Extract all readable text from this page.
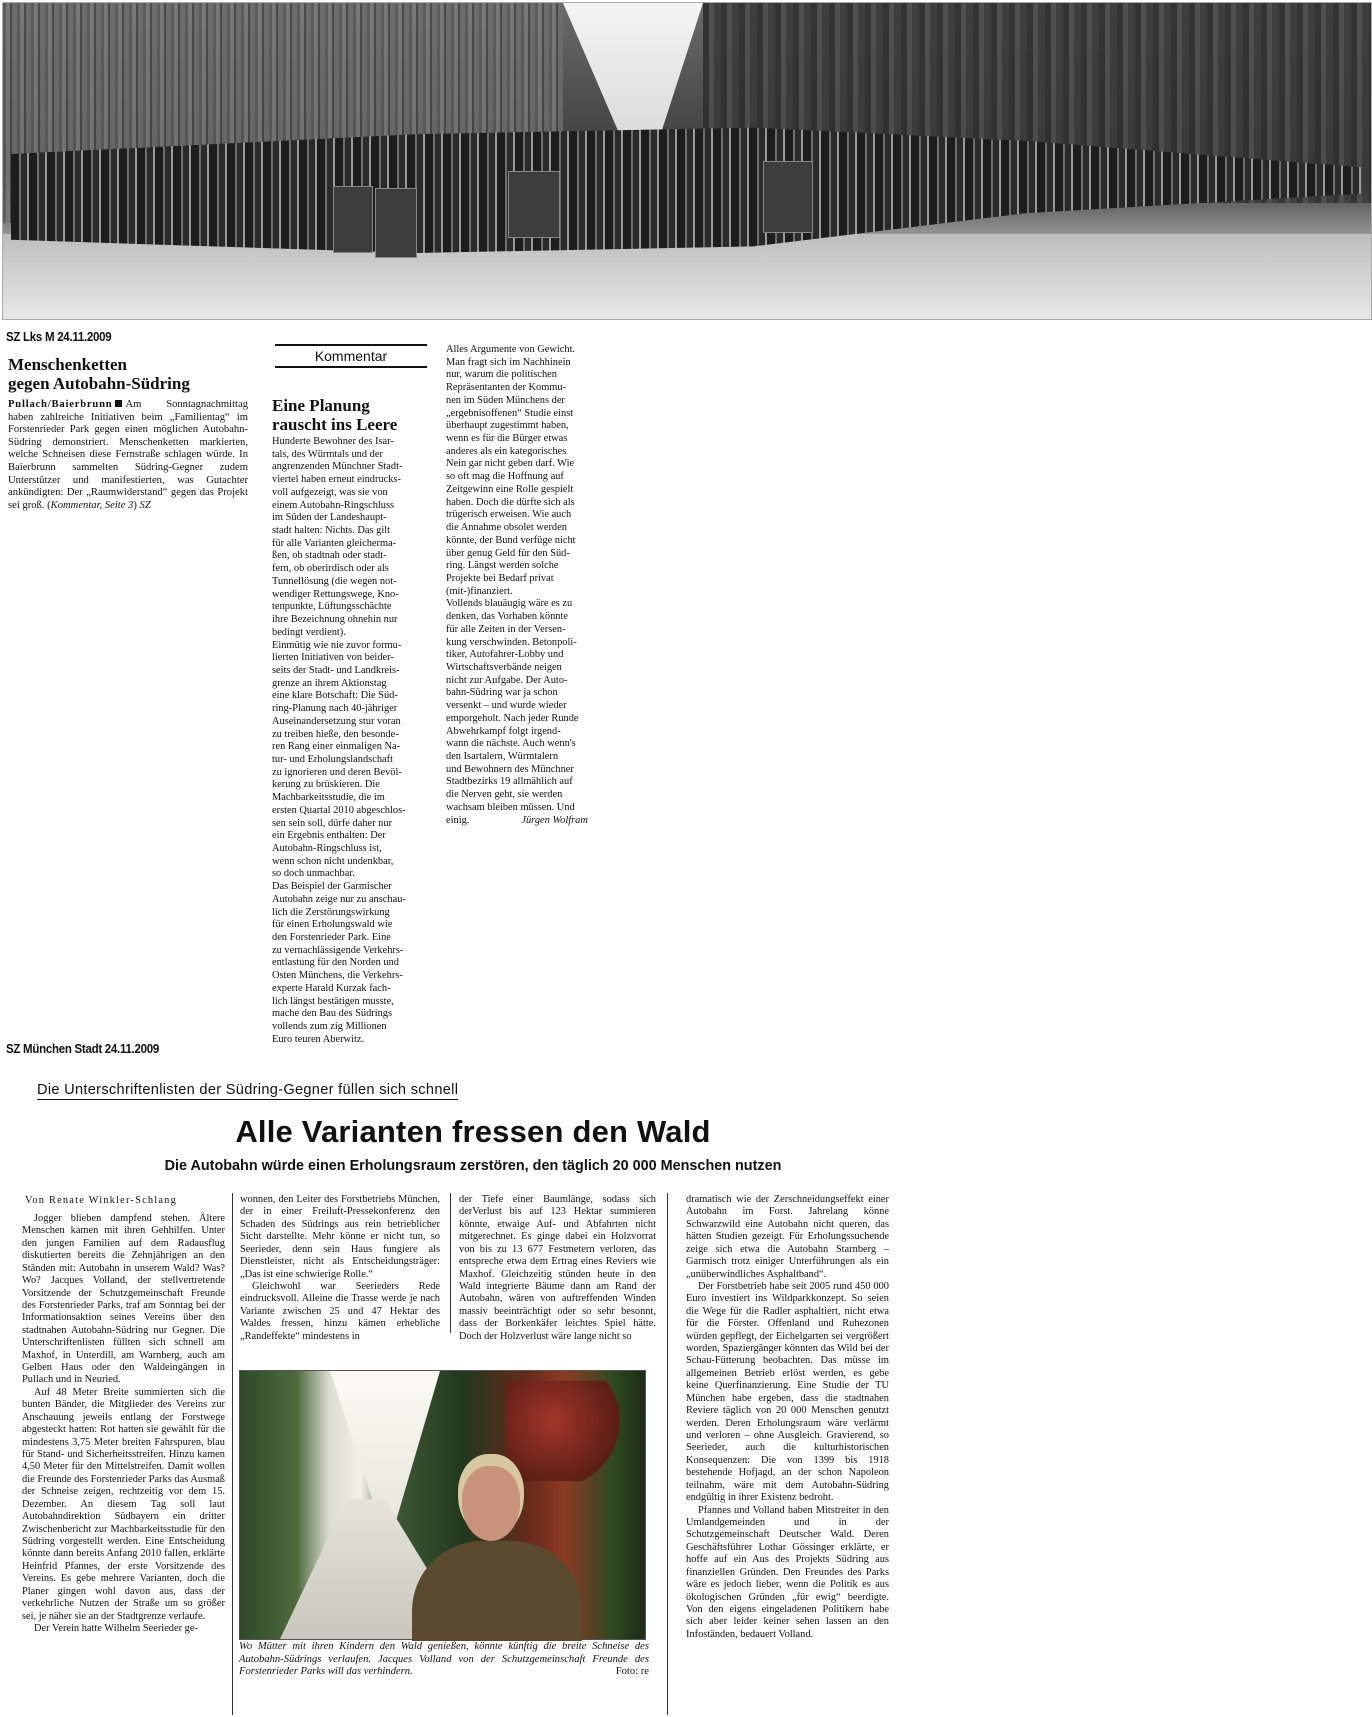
SZ Lks M 24.11.2009
Menschenketten
gegen Autobahn-Südring
Pullach/Baierbrunn Am Sonntagnachmittag haben zahlreiche Initiativen beim „Familientag“ im Forstenrieder Park gegen einen möglichen Autobahn-Südring demonstriert. Menschenketten markierten, welche Schneisen diese Fernstraße schlagen würde. In Baierbrunn sammelten Südring-Gegner zudem Unterstützer und manifestierten, was Gutachter ankündigten: Der „Raumwiderstand“ gegen das Projekt sei groß. (Kommentar, Seite 3) SZ
Kommentar
Eine Planung
rauscht ins Leere
Hunderte Bewohner des Isar-
tals, des Würmtals und der
angrenzenden Münchner Stadt-
viertel haben erneut eindrucks-
voll aufgezeigt, was sie von
einem Autobahn-Ringschluss
im Süden der Landeshaupt-
stadt halten: Nichts. Das gilt
für alle Varianten gleicherma-
ßen, ob stadtnah oder stadt-
fern, ob oberirdisch oder als
Tunnellösung (die wegen not-
wendiger Rettungswege, Kno-
tenpunkte, Lüftungsschächte
ihre Bezeichnung ohnehin nur
bedingt verdient).
Einmütig wie nie zuvor formu-
lierten Initiativen von beider-
seits der Stadt- und Landkreis-
grenze an ihrem Aktionstag
eine klare Botschaft: Die Süd-
ring-Planung nach 40-jähriger
Auseinandersetzung stur voran
zu treiben hieße, den besonde-
ren Rang einer einmaligen Na-
tur- und Erholungslandschaft
zu ignorieren und deren Bevöl-
kerung zu brüskieren. Die
Machbarkeitsstudie, die im
ersten Quartal 2010 abgeschlos-
sen sein soll, dürfe daher nur
ein Ergebnis enthalten: Der
Autobahn-Ringschluss ist,
wenn schon nicht undenkbar,
so doch unmachbar.
Das Beispiel der Garmischer
Autobahn zeige nur zu anschau-
lich die Zerstörungswirkung
für einen Erholungswald wie
den Forstenrieder Park. Eine
zu vernachlässigende Verkehrs-
entlastung für den Norden und
Osten Münchens, die Verkehrs-
experte Harald Kurzak fach-
lich längst bestätigen musste,
mache den Bau des Südrings
vollends zum zig Millionen
Euro teuren Aberwitz.
Alles Argumente von Gewicht.
Man fragt sich im Nachhinein
nur, warum die politischen
Repräsentanten der Kommu-
nen im Süden Münchens der
„ergebnisoffenen“ Studie einst
überhaupt zugestimmt haben,
wenn es für die Bürger etwas
anderes als ein kategorisches
Nein gar nicht geben darf. Wie
so oft mag die Hoffnung auf
Zeitgewinn eine Rolle gespielt
haben. Doch die dürfte sich als
trügerisch erweisen. Wie auch
die Annahme obsolet werden
könnte, der Bund verfüge nicht
über genug Geld für den Süd-
ring. Längst werden solche
Projekte bei Bedarf privat
(mit-)finanziert.
Vollends blauäugig wäre es zu
denken, das Vorhaben könnte
für alle Zeiten in der Versen-
kung verschwinden. Betonpoli-
tiker, Autofahrer-Lobby und
Wirtschaftsverbände neigen
nicht zur Aufgabe. Der Auto-
bahn-Südring war ja schon
versenkt – und wurde wieder
emporgeholt. Nach jeder Runde
Abwehrkampf folgt irgend-
wann die nächste. Auch wenn's
den Isartalern, Würmtalern
und Bewohnern des Münchner
Stadtbezirks 19 allmählich auf
die Nerven geht, sie werden
wachsam bleiben müssen. Und
einig.	Jürgen Wolfram
SZ München Stadt 24.11.2009
Die Unterschriftenlisten der Südring-Gegner füllen sich schnell
Alle Varianten fressen den Wald
Die Autobahn würde einen Erholungsraum zerstören, den täglich 20 000 Menschen nutzen
Von Renate Winkler-Schlang
Jogger blieben dampfend stehen. Ältere Menschen kamen mit ihren Gehhilfen. Unter den jungen Familien auf dem Radausflug diskutierten bereits die Zehnjährigen an den Ständen mit: Autobahn in unserem Wald? Was? Wo? Jacques Volland, der stellvertretende Vorsitzende der Schutzgemeinschaft Freunde des Forstenrieder Parks, traf am Sonntag bei der Informationsaktion seines Vereins über den stadtnahen Autobahn-Südring nur Gegner. Die Unterschriftenlisten füllten sich schnell am Maxhof, in Unterdill, am Warnberg, auch am Gelben Haus oder den Waldeingängen in Pullach und in Neuried.
Auf 48 Meter Breite summierten sich die bunten Bänder, die Mitglieder des Vereins zur Anschauung jeweils entlang der Forstwege abgesteckt hatten: Rot hatten sie gewählt für die mindestens 3,75 Meter breiten Fahrspuren, blau für Stand- und Sicherheitsstreifen. Hinzu kamen 4,50 Meter für den Mittelstreifen. Damit wollen die Freunde des Forstenrieder Parks das Ausmaß der Schneise zeigen, rechtzeitig vor dem 15. Dezember. An diesem Tag soll laut Autobahndirektion Südbayern ein dritter Zwischenbericht zur Machbarkeitsstudie für den Südring vorgestellt werden. Eine Entscheidung könnte dann bereits Anfang 2010 fallen, erklärte Heinfrid Pfannes, der erste Vorsitzende des Vereins. Es gebe mehrere Varianten, doch die Planer gingen wohl davon aus, dass der verkehrliche Nutzen der Straße um so größer sei, je näher sie an der Stadtgrenze verlaufe.
Der Verein hatte Wilhelm Seerieder ge-
wonnen, den Leiter des Forstbetriebs München, der in einer Freiluft-Pressekonferenz den Schaden des Südrings aus rein betrieblicher Sicht darstellte. Mehr könne er nicht tun, so Seerieder, denn sein Haus fungiere als Dienstleister, nicht als Entscheidungsträger: „Das ist eine schwierige Rolle.“
Gleichwohl war Seerieders Rede eindrucksvoll. Alleine die Trasse werde je nach Variante zwischen 25 und 47 Hektar des Waldes fressen, hinzu kämen erhebliche „Randeffekte“ mindestens in
der Tiefe einer Baumlänge, sodass sich derVerlust bis auf 123 Hektar summieren könnte, etwaige Auf- und Abfahrten nicht mitgerechnet. Es ginge dabei ein Holzvorrat von bis zu 13 677 Festmetern verloren, das entspreche etwa dem Ertrag eines Reviers wie Maxhof. Gleichzeitig stünden heute in den Wald integrierte Bäume dann am Rand der Autobahn, wären von auftreffenden Winden massiv beeinträchtigt oder so sehr besonnt, dass der Borkenkäfer leichtes Spiel hätte. Doch der Holzverlust wäre lange nicht so
dramatisch wie der Zerschneidungseffekt einer Autobahn im Forst. Jahrelang könne Schwarzwild eine Autobahn nicht queren, das hätten Studien gezeigt. Für Erholungssuchende zeige sich etwa die Autobahn Starnberg – Garmisch trotz einiger Unterführungen als ein „unüberwindliches Asphaltband“.
Der Forstbetrieb habe seit 2005 rund 450 000 Euro investiert ins Wildparkkonzept. So seien die Wege für die Radler asphaltiert, nicht etwa für die Förster. Offenland und Ruhezonen würden gepflegt, der Eichelgarten sei vergrößert worden, Spaziergänger könnten das Wild bei der Schau-Fütterung beobachten. Das müsse im allgemeinen Betrieb erlöst werden, es gebe keine Querfinanzierung. Eine Studie der TU München habe ergeben, dass die stadtnahen Reviere täglich von 20 000 Menschen genutzt werden. Deren Erholungsraum wäre verlärmt und verloren – ohne Ausgleich. Gravierend, so Seerieder, auch die kulturhistorischen Konsequenzen: Die von 1399 bis 1918 bestehende Hofjagd, an der schon Napoleon teilnahm, wäre mit dem Autobahn-Südring endgültig in ihrer Existenz bedroht.
Pfannes und Volland haben Mitstreiter in den Umlandgemeinden und in der Schutzgemeinschaft Deutscher Wald. Deren Geschäftsführer Lothar Gössinger erklärte, er hoffe auf ein Aus des Projekts Südring aus finanziellen Gründen. Den Freundes des Parks wäre es jedoch lieber, wenn die Politik es aus ökologischen Gründen „für ewig“ beerdigte. Von den eigens eingeladenen Politikern habe sich aber leider keiner sehen lassen an den Infoständen, bedauert Volland.
Wo Mütter mit ihren Kindern den Wald genießen, könnte künftig die breite Schneise des Autobahn-Südrings verlaufen. Jacques Volland von der Schutzgemeinschaft Freunde des Forstenrieder Parks will das verhindern.	Foto: re
